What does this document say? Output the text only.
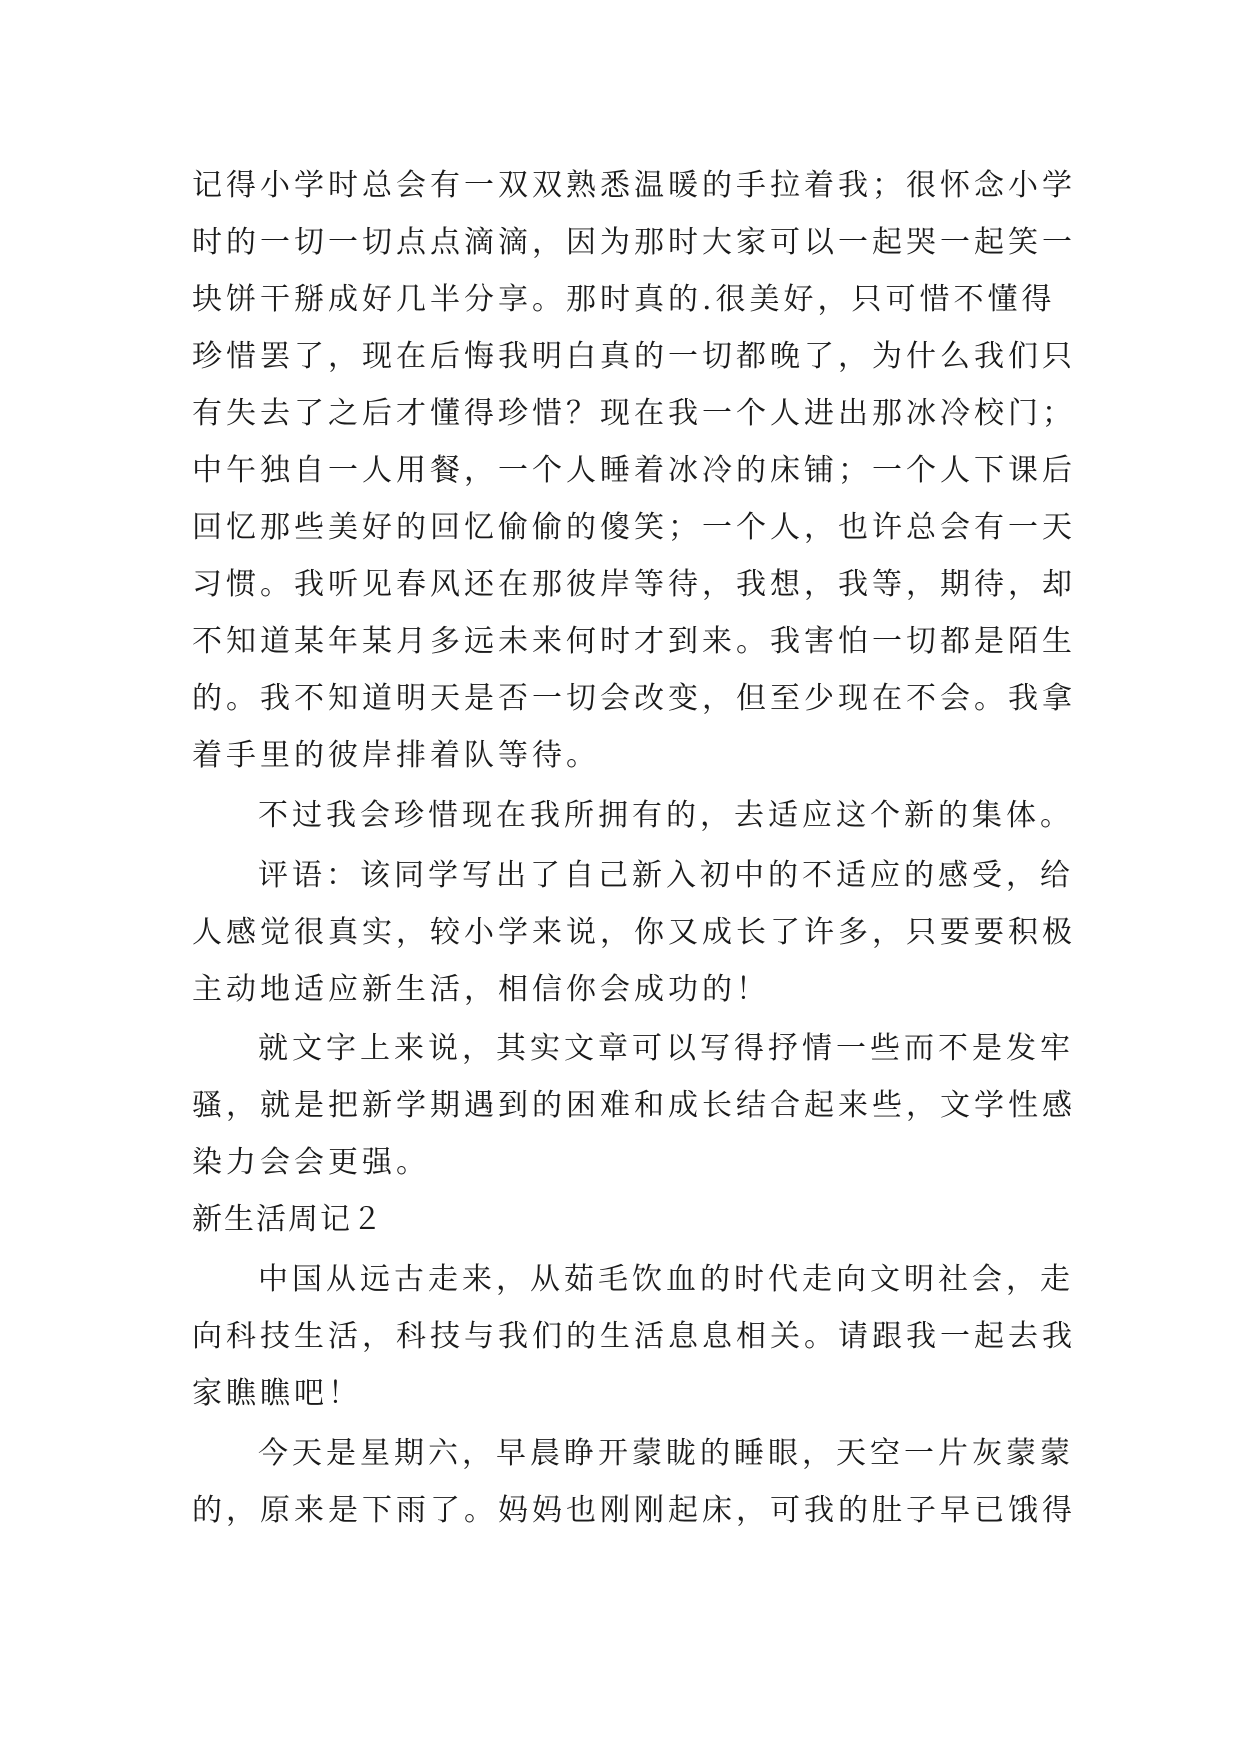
记得小学时总会有一双双熟悉温暖的手拉着我；很怀念小学
时的一切一切点点滴滴，因为那时大家可以一起哭一起笑一
块饼干掰成好几半分享。那时真的.很美好，只可惜不懂得
珍惜罢了，现在后悔我明白真的一切都晚了，为什么我们只
有失去了之后才懂得珍惜？现在我一个人进出那冰冷校门；
中午独自一人用餐，一个人睡着冰冷的床铺；一个人下课后
回忆那些美好的回忆偷偷的傻笑；一个人，也许总会有一天
习惯。我听见春风还在那彼岸等待，我想，我等，期待，却
不知道某年某月多远未来何时才到来。我害怕一切都是陌生
的。我不知道明天是否一切会改变，但至少现在不会。我拿
着手里的彼岸排着队等待。
不过我会珍惜现在我所拥有的，去适应这个新的集体。
评语：该同学写出了自己新入初中的不适应的感受，给
人感觉很真实，较小学来说，你又成长了许多，只要要积极
主动地适应新生活，相信你会成功的！
就文字上来说，其实文章可以写得抒情一些而不是发牢
骚，就是把新学期遇到的困难和成长结合起来些，文学性感
染力会会更强。
新生活周记２
中国从远古走来，从茹毛饮血的时代走向文明社会，走
向科技生活，科技与我们的生活息息相关。请跟我一起去我
家瞧瞧吧！
今天是星期六，早晨睁开蒙眬的睡眼，天空一片灰蒙蒙
的，原来是下雨了。妈妈也刚刚起床，可我的肚子早已饿得
